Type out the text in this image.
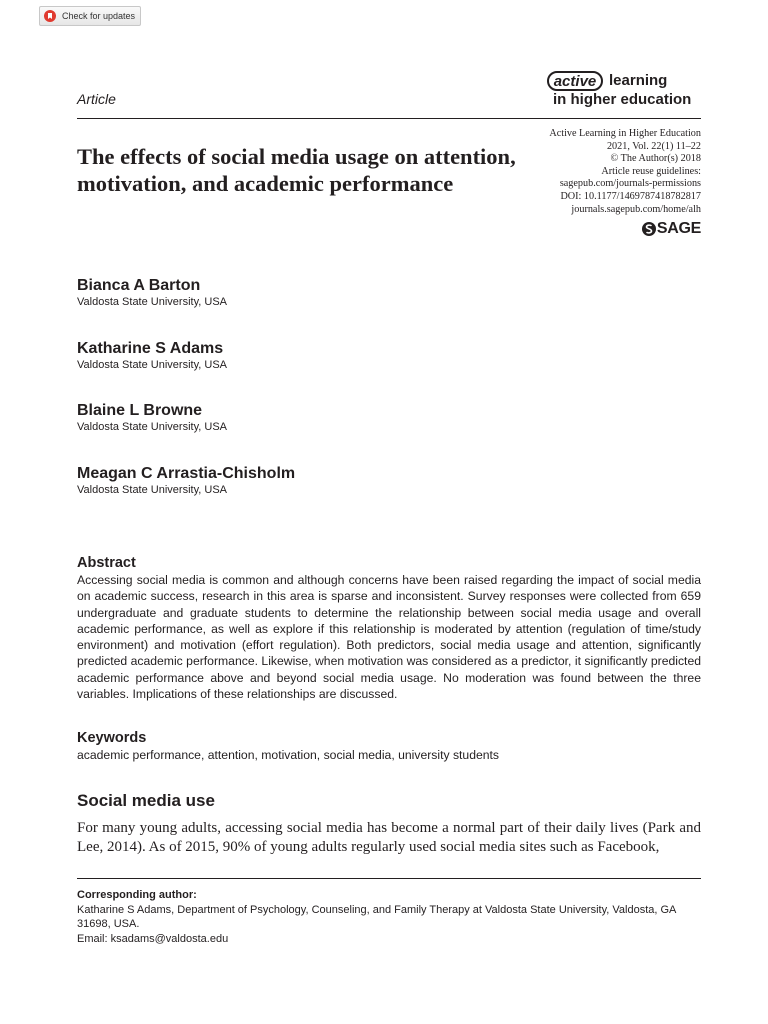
Check for updates
Article
active learning
in higher education
The effects of social media usage on attention, motivation, and academic performance
Active Learning in Higher Education
2021, Vol. 22(1) 11–22
© The Author(s) 2018
Article reuse guidelines:
sagepub.com/journals-permissions
DOI: 10.1177/1469787418782817
journals.sagepub.com/home/alh
SAGE
Bianca A Barton
Valdosta State University, USA
Katharine S Adams
Valdosta State University, USA
Blaine L Browne
Valdosta State University, USA
Meagan C Arrastia-Chisholm
Valdosta State University, USA
Abstract
Accessing social media is common and although concerns have been raised regarding the impact of social media on academic success, research in this area is sparse and inconsistent. Survey responses were collected from 659 undergraduate and graduate students to determine the relationship between social media usage and overall academic performance, as well as explore if this relationship is moderated by attention (regulation of time/study environment) and motivation (effort regulation). Both predictors, social media usage and attention, significantly predicted academic performance. Likewise, when motivation was considered as a predictor, it significantly predicted academic performance above and beyond social media usage. No moderation was found between the three variables. Implications of these relationships are discussed.
Keywords
academic performance, attention, motivation, social media, university students
Social media use

For many young adults, accessing social media has become a normal part of their daily lives (Park and Lee, 2014). As of 2015, 90% of young adults regularly used social media sites such as Facebook,

Corresponding author:
Katharine S Adams, Department of Psychology, Counseling, and Family Therapy at Valdosta State University, Valdosta, GA 31698, USA.
Email: ksadams@valdosta.edu
